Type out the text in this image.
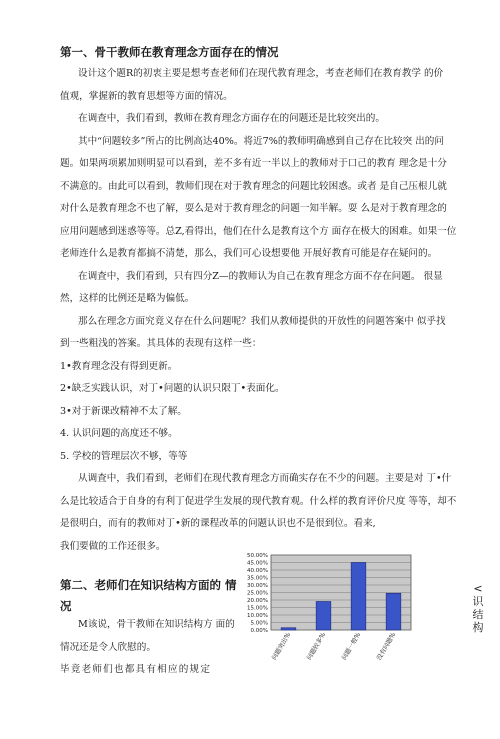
第一、骨干教师在教育理念方面存在的情况
设计这个题R的初衷主要是想考查老师们在现代教育理念，考查老师们在教育教学 的价
值观，掌握新的教育思想等方面的情况。
在调查中，我们看到，教师在教育理念方面存在的问题还是比较突出的。
其中“问题较多”所占的比例高达40%。将近7%的教师明确感到自己存在比较突 出的问
题。如果两项累加则明显可以看到，差不多有近一半以上的教师对于口己的教育 理念是十分
不满意的。由此可以看到，教师们现在对于教育理念的问题比较困惑。或者 是自己压根儿就
对什么是教育理念不也了解，耍么是对于教育理念的问题一知半解。耍 么是对于教育理念的
应用问题感到迷惑等等。总Z,看得出，他们在什么是教育这个方 面存在极大的困难。如果一位
老师连什么是教育都搞不清楚，那么，我们可心设想要他 开展好教育可能是存在疑问的。
在调査中，我们看到，只有四分Z—的教师认为自己在教育理念方面不存在问题。 很显
然，这样的比例还是略为偏低。
那么在理念方面究竟义存在什么问题呢？我们从教师提供的开放性的问题答案中 似乎找
到一些粗浅的答案。其具体的表现有这样一些：
1•教育理念没有得到更新。
2•缺乏实践认识，对丁•问题的认识只限丁•表面化。
3•对于新课改精神不太了解。
4. 认识问题的高度还不够。
5. 学校的管理层次不够，等等
从调査中，我们看到，老师们在现代教育理念方而确实存在不少的问题。主要是对 丁•什
么是比较适合于自身的有利丁促进学生发展的现代教育观。什么样的教育评价尺度 等等，却不
是很明白，而有的教师对丁•新的课程改革的问题认识也不是很到位。看来,
我们要做的工作还很多。
第二、老师们在知识结构方面的 情
况
M该说，骨干教师在知识结构方 面的
情况还是令人欣慰的。
毕竟老师们也都具有相应的规定
0.00%
5.00%
10.00%
15.00%
20.00%
25.00%
30.00%
35.00%
40.00%
45.00%
50.00%
问题突出% 问题较多% 问题一般% 没有问题%
<
识
结
构
